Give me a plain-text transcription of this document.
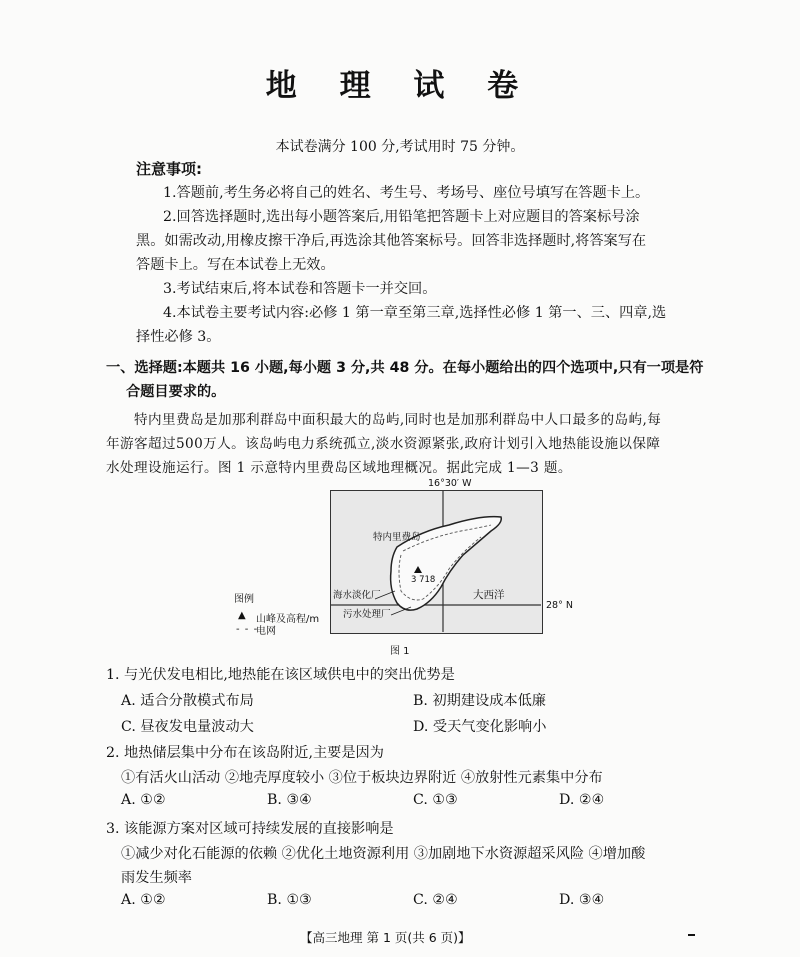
地 理 试 卷
本试卷满分 100 分,考试用时 75 分钟。
注意事项:
1.答题前,考生务必将自己的姓名、考生号、考场号、座位号填写在答题卡上。
2.回答选择题时,选出每小题答案后,用铅笔把答题卡上对应题目的答案标号涂
黑。如需改动,用橡皮擦干净后,再选涂其他答案标号。回答非选择题时,将答案写在
答题卡上。写在本试卷上无效。
3.考试结束后,将本试卷和答题卡一并交回。
4.本试卷主要考试内容:必修 1 第一章至第三章,选择性必修 1 第一、三、四章,选
择性必修 3。
一、选择题:本题共 16 小题,每小题 3 分,共 48 分。在每小题给出的四个选项中,只有一项是符
合题目要求的。
特内里费岛是加那利群岛中面积最大的岛屿,同时也是加那利群岛中人口最多的岛屿,每
年游客超过500万人。该岛屿电力系统孤立,淡水资源紧张,政府计划引入地热能设施以保障
水处理设施运行。图 1 示意特内里费岛区域地理概况。据此完成 1—3 题。
16°30′ W
特内里费岛
3 718
海水淡化厂	大西洋
污水处理厂
28° N
图例
▲ 山峰及高程/m
- - -
电网
图 1
1. 与光伏发电相比,地热能在该区域供电中的突出优势是
A. 适合分散模式布局	B. 初期建设成本低廉
C. 昼夜发电量波动大	D. 受天气变化影响小
2. 地热储层集中分布在该岛附近,主要是因为
①有活火山活动 ②地壳厚度较小 ③位于板块边界附近 ④放射性元素集中分布
A. ①②	B. ③④	C. ①③	D. ②④
3. 该能源方案对区域可持续发展的直接影响是
①减少对化石能源的依赖 ②优化土地资源利用 ③加剧地下水资源超采风险 ④增加酸
雨发生频率
A. ①②	B. ①③	C. ②④	D. ③④
【高三地理 第 1 页(共 6 页)】
